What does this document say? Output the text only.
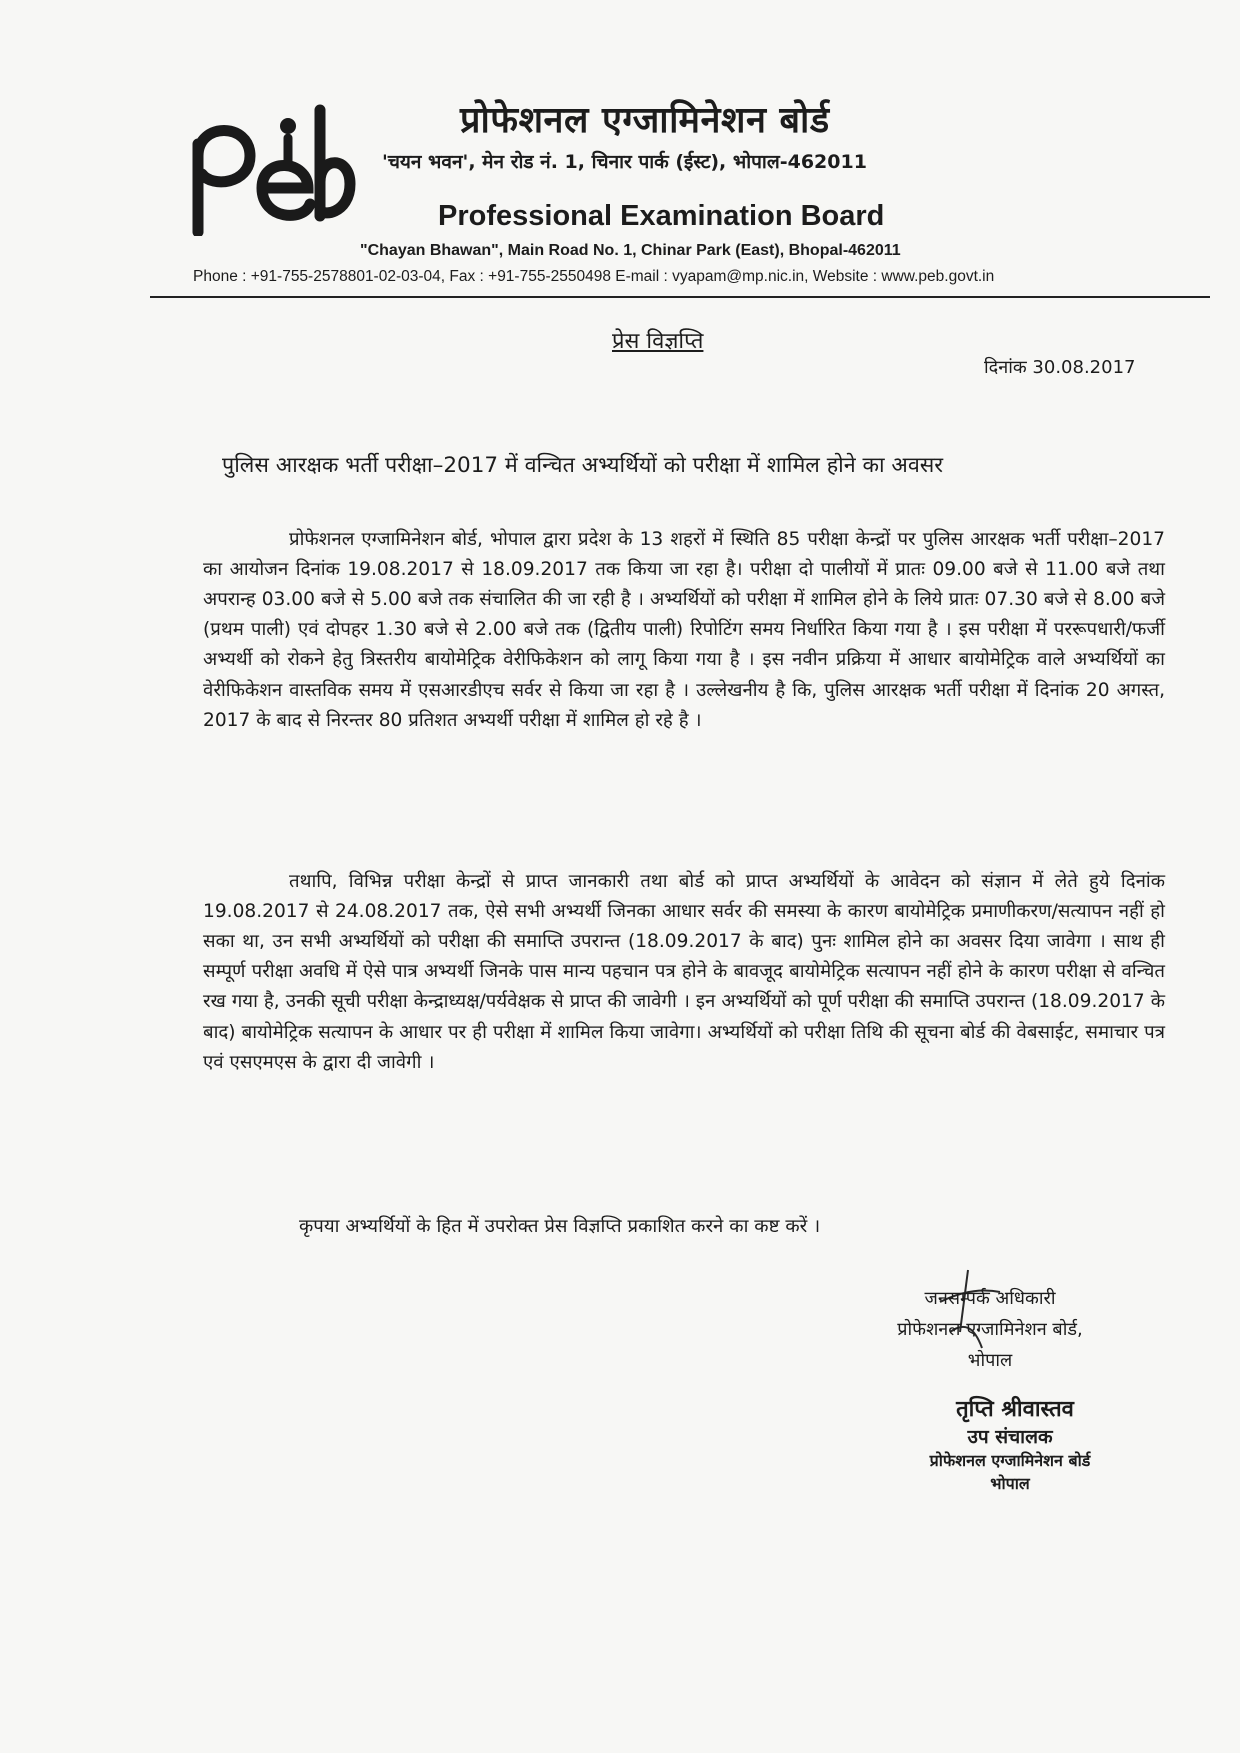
प्रोफेशनल एग्जामिनेशन बोर्ड
'चयन भवन', मेन रोड नं. 1, चिनार पार्क (ईस्ट), भोपाल-462011
Professional Examination Board
"Chayan Bhawan", Main Road No. 1, Chinar Park (East), Bhopal-462011
Phone : +91-755-2578801-02-03-04, Fax : +91-755-2550498 E-mail : vyapam@mp.nic.in, Website : www.peb.govt.in
प्रेस विज्ञप्ति
दिनांक 30.08.2017
पुलिस आरक्षक भर्ती परीक्षा–2017 में वन्चित अभ्यर्थियों को परीक्षा में शामिल होने का अवसर

प्रोफेशनल एग्जामिनेशन बोर्ड, भोपाल द्वारा प्रदेश के 13 शहरों में स्थिति 85 परीक्षा केन्द्रों पर पुलिस आरक्षक भर्ती परीक्षा–2017 का आयोजन दिनांक 19.08.2017 से 18.09.2017 तक किया जा रहा है। परीक्षा दो पालीयों में प्रातः 09.00 बजे से 11.00 बजे तथा अपरान्ह 03.00 बजे से 5.00 बजे तक संचालित की जा रही है । अभ्यर्थियों को परीक्षा में शामिल होने के लिये प्रातः 07.30 बजे से 8.00 बजे (प्रथम पाली) एवं दोपहर 1.30 बजे से 2.00 बजे तक (द्वितीय पाली) रिपोटिंग समय निर्धारित किया गया है । इस परीक्षा में पररूपधारी/फर्जी अभ्यर्थी को रोकने हेतु त्रिस्तरीय बायोमेट्रिक वेरीफिकेशन को लागू किया गया है । इस नवीन प्रक्रिया में आधार बायोमेट्रिक वाले अभ्यर्थियों का वेरीफिकेशन वास्तविक समय में एसआरडीएच सर्वर से किया जा रहा है । उल्लेखनीय है कि, पुलिस आरक्षक भर्ती परीक्षा में दिनांक 20 अगस्त, 2017 के बाद से निरन्तर 80 प्रतिशत अभ्यर्थी परीक्षा में शामिल हो रहे है ।

तथापि, विभिन्न परीक्षा केन्द्रों से प्राप्त जानकारी तथा बोर्ड को प्राप्त अभ्यर्थियों के आवेदन को संज्ञान में लेते हुये दिनांक 19.08.2017 से 24.08.2017 तक, ऐसे सभी अभ्यर्थी जिनका आधार सर्वर की समस्या के कारण बायोमेट्रिक प्रमाणीकरण/सत्यापन नहीं हो सका था, उन सभी अभ्यर्थियों को परीक्षा की समाप्ति उपरान्त (18.09.2017 के बाद) पुनः शामिल होने का अवसर दिया जावेगा । साथ ही सम्पूर्ण परीक्षा अवधि में ऐसे पात्र अभ्यर्थी जिनके पास मान्य पहचान पत्र होने के बावजूद बायोमेट्रिक सत्यापन नहीं होने के कारण परीक्षा से वन्चित रख गया है, उनकी सूची परीक्षा केन्द्राध्यक्ष/पर्यवेक्षक से प्राप्त की जावेगी । इन अभ्यर्थियों को पूर्ण परीक्षा की समाप्ति उपरान्त (18.09.2017 के बाद) बायोमेट्रिक सत्यापन के आधार पर ही परीक्षा में शामिल किया जावेगा। अभ्यर्थियों को परीक्षा तिथि की सूचना बोर्ड की वेबसाईट, समाचार पत्र एवं एसएमएस के द्वारा दी जावेगी ।

कृपया अभ्यर्थियों के हित में उपरोक्त प्रेस विज्ञप्ति प्रकाशित करने का कष्ट करें ।

जनसम्पर्क अधिकारी
प्रोफेशनल एग्जामिनेशन बोर्ड,
भोपाल
तृप्ति श्रीवास्तव
उप संचालक
प्रोफेशनल एग्जामिनेशन बोर्ड
भोपाल
